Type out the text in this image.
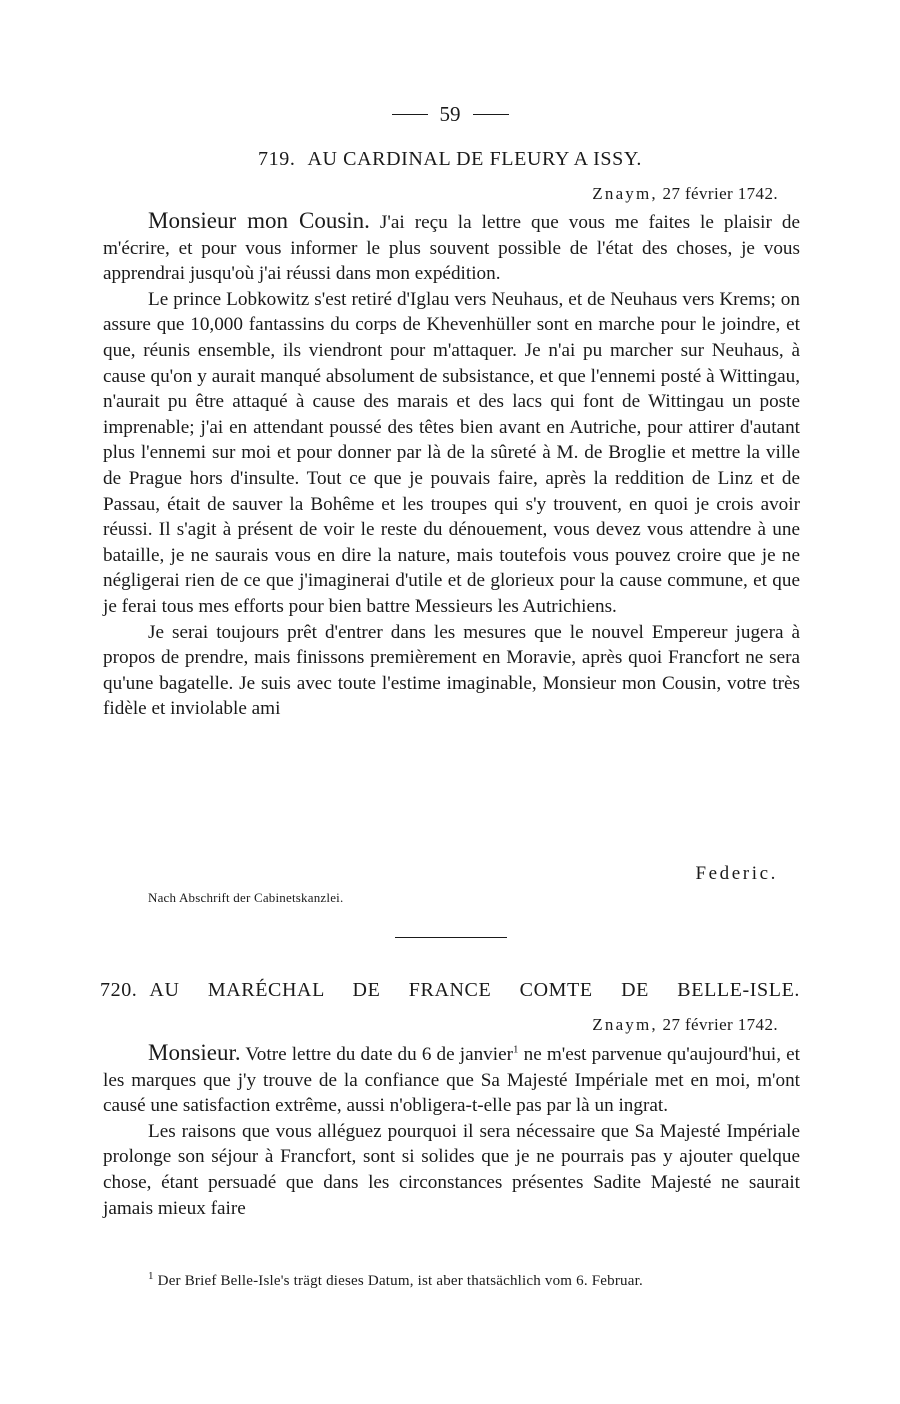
59
719. AU CARDINAL DE FLEURY A ISSY.
Znaym, 27 février 1742.

Monsieur mon Cousin. J'ai reçu la lettre que vous me faites le plaisir de m'écrire, et pour vous informer le plus souvent possible de l'état des choses, je vous apprendrai jusqu'où j'ai réussi dans mon expédition.

Le prince Lobkowitz s'est retiré d'Iglau vers Neuhaus, et de Neuhaus vers Krems; on assure que 10,000 fantassins du corps de Khevenhüller sont en marche pour le joindre, et que, réunis ensemble, ils viendront pour m'attaquer. Je n'ai pu marcher sur Neuhaus, à cause qu'on y aurait manqué absolument de subsistance, et que l'ennemi posté à Wittingau, n'aurait pu être attaqué à cause des marais et des lacs qui font de Wittingau un poste imprenable; j'ai en attendant poussé des têtes bien avant en Autriche, pour attirer d'autant plus l'ennemi sur moi et pour donner par là de la sûreté à M. de Broglie et mettre la ville de Prague hors d'insulte. Tout ce que je pouvais faire, après la reddition de Linz et de Passau, était de sauver la Bohême et les troupes qui s'y trouvent, en quoi je crois avoir réussi. Il s'agit à présent de voir le reste du dénouement, vous devez vous attendre à une bataille, je ne saurais vous en dire la nature, mais toutefois vous pouvez croire que je ne négligerai rien de ce que j'imaginerai d'utile et de glorieux pour la cause commune, et que je ferai tous mes efforts pour bien battre Messieurs les Autrichiens.

Je serai toujours prêt d'entrer dans les mesures que le nouvel Empereur jugera à propos de prendre, mais finissons premièrement en Moravie, après quoi Francfort ne sera qu'une bagatelle. Je suis avec toute l'estime imaginable, Monsieur mon Cousin, votre très fidèle et inviolable ami

Federic.
Nach Abschrift der Cabinetskanzlei.
720. AU MARÉCHAL DE FRANCE COMTE DE BELLE-ISLE.
Znaym, 27 février 1742.

Monsieur. Votre lettre du date du 6 de janvier$^1$ ne m'est parvenue qu'aujourd'hui, et les marques que j'y trouve de la confiance que Sa Majesté Impériale met en moi, m'ont causé une satisfaction extrême, aussi n'obligera-t-elle pas par là un ingrat.

Les raisons que vous alléguez pourquoi il sera nécessaire que Sa Majesté Impériale prolonge son séjour à Francfort, sont si solides que je ne pourrais pas y ajouter quelque chose, étant persuadé que dans les circonstances présentes Sadite Majesté ne saurait jamais mieux faire

$^1$ Der Brief Belle-Isle's trägt dieses Datum, ist aber thatsächlich vom 6. Februar.
